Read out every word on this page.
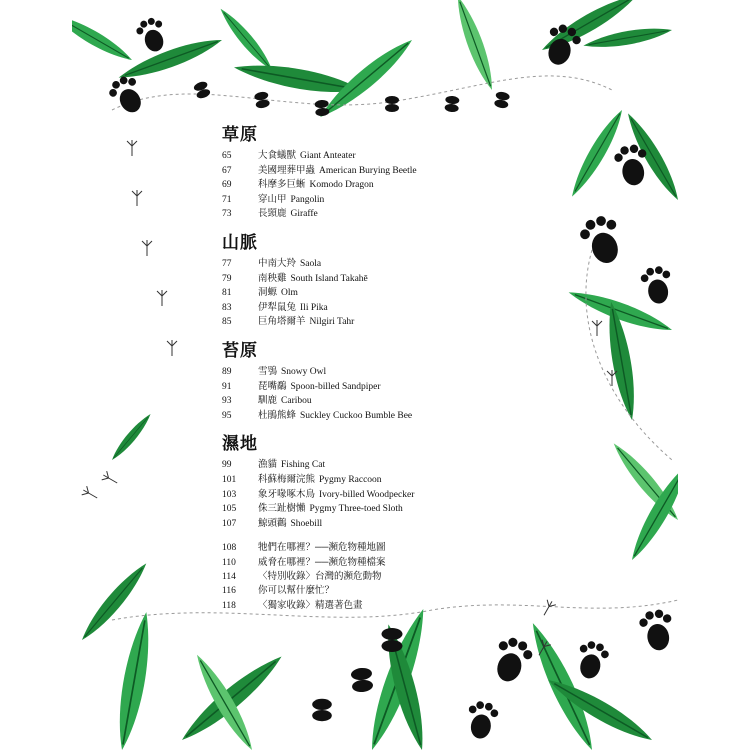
草原
65	大食蟻獸 Giant Anteater
67	美國埋葬甲蟲 American Burying Beetle
69	科摩多巨蜥 Komodo Dragon
71	穿山甲 Pangolin
73	長頸鹿 Giraffe
山脈
77	中南大羚 Saola
79	南秧雞 South Island Takahē
81	洞螈 Olm
83	伊犁鼠兔 Ili Pika
85	巨角塔爾羊 Nilgiri Tahr
苔原
89	雪鴞 Snowy Owl
91	琵嘴鷸 Spoon-billed Sandpiper
93	馴鹿 Caribou
95	杜鵑熊蜂 Suckley Cuckoo Bumble Bee
濕地
99	漁貓 Fishing Cat
101	科蘇梅爾浣熊 Pygmy Raccoon
103	象牙喙啄木鳥 Ivory-billed Woodpecker
105	侏三趾樹懶 Pygmy Three-toed Sloth
107	鯨頭鸛 Shoebill
108	牠們在哪裡？──瀕危物種地圖
110	威脅在哪裡？──瀕危物種檔案
114	〈特別收錄〉台灣的瀕危動物
116	你可以幫什麼忙？
118	〈獨家收錄〉精選著色畫
